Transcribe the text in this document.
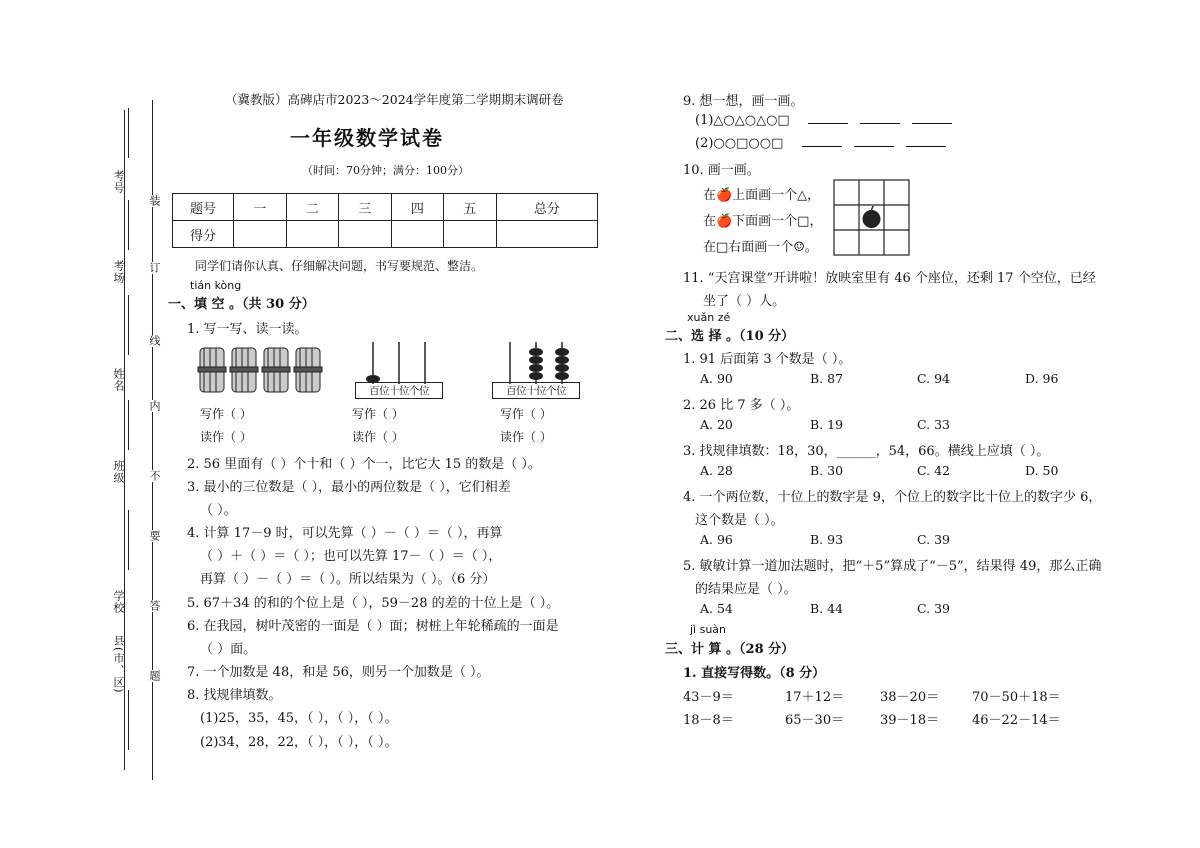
考号
考场
姓名
班级
学校
县(市、区)
装
订
线
内
不
要
答
题
（冀教版）高碑店市2023～2024学年度第二学期期末调研卷
一年级数学试卷
（时间：70分钟；满分：100分）
题号	一	二	三	四	五	总分
得分						
同学们请你认真、仔细解决问题，书写要规范、整洁。
tián kòng
一、填 空 。（共 30 分）
1. 写一写、读一读。
百位十位个位	百位十位个位
写作（ ）	写作（ ）	写作（ ）
读作（ ）	读作（ ）	读作（ ）
2. 56 里面有（ ）个十和（ ）个一，比它大 15 的数是（ ）。
3. 最小的三位数是（ ），最小的两位数是（ ），它们相差
（ ）。
4. 计算 17－9 时，可以先算（ ）－（ ）＝（ ），再算
（ ）＋（ ）＝（ ）；也可以先算 17－（ ）＝（ ），
再算（ ）－（ ）＝（ ）。所以结果为（ ）。（6 分）
5. 67＋34 的和的个位上是（ ），59－28 的差的十位上是（ ）。
6. 在我园，树叶茂密的一面是（ ）面；树桩上年轮稀疏的一面是
（ ）面。
7. 一个加数是 48，和是 56，则另一个加数是（ ）。
8. 找规律填数。
(1)25，35，45，（ ），（ ），（ ）。
(2)34，28，22，（ ），（ ），（ ）。
9. 想一想，画一画。
(1)△○△○△○□
(2)○○□○○□
10. 画一画。
在🍎上面画一个△，
在🍎下面画一个□，
在□右面画一个☺。
11. “天宫课堂”开讲啦！放映室里有 46 个座位，还剩 17 个空位，已经
坐了（ ）人。
xuǎn zé
二、选 择 。（10 分）
1. 91 后面第 3 个数是（ ）。
A. 90	B. 87	C. 94	D. 96
2. 26 比 7 多（ ）。
A. 20	B. 19	C. 33
3. 找规律填数：18，30，______，54，66。横线上应填（ ）。
A. 28	B. 30	C. 42	D. 50
4. 一个两位数，十位上的数字是 9，个位上的数字比十位上的数字少 6，
这个数是（ ）。
A. 96	B. 93	C. 39
5. 敏敏计算一道加法题时，把“＋5”算成了“－5”，结果得 49，那么正确
的结果应是（ ）。
A. 54	B. 44	C. 39
jì suàn
三、计 算 。（28 分）
1. 直接写得数。（8 分）
43－9＝	17＋12＝	38－20＝	70－50＋18＝
18－8＝	65－30＝	39－18＝	46－22－14＝
